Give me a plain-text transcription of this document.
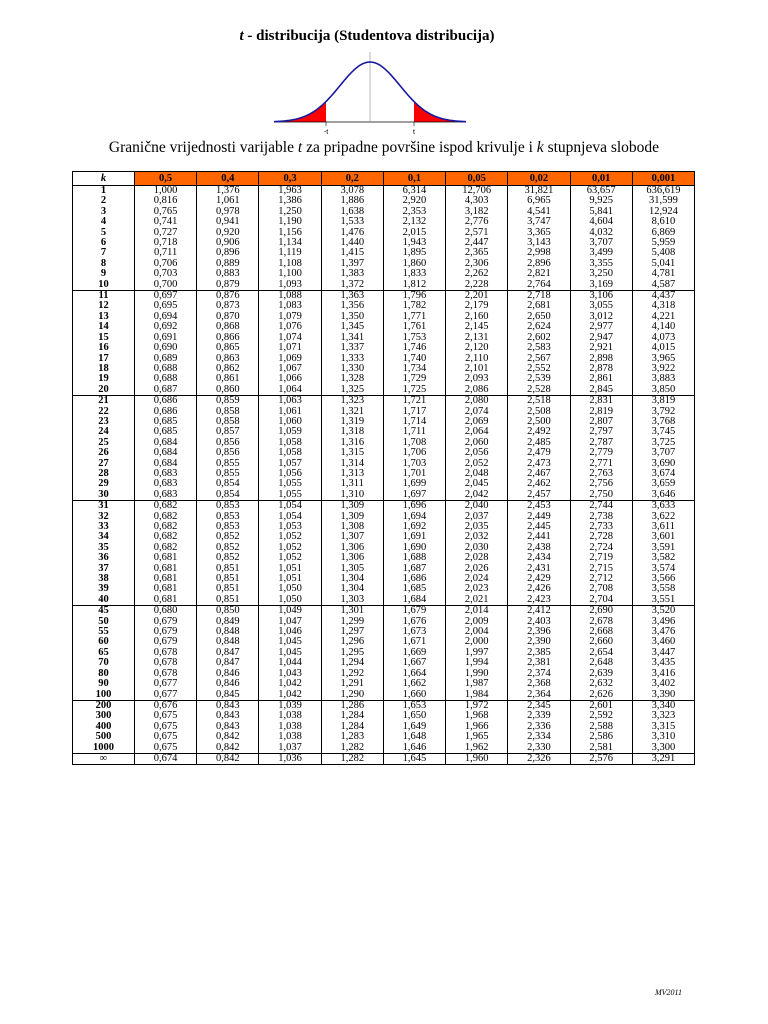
t - distribucija (Studentova distribucija)
-t	t
Granične vrijednosti varijable t za pripadne površine ispod krivulje i k stupnjeva slobode
k	0,5	0,4	0,3	0,2	0,1	0,05	0,02	0,01	0,001
1	1,000	1,376	1,963	3,078	6,314	12,706	31,821	63,657	636,619
2	0,816	1,061	1,386	1,886	2,920	4,303	6,965	9,925	31,599
3	0,765	0,978	1,250	1,638	2,353	3,182	4,541	5,841	12,924
4	0,741	0,941	1,190	1,533	2,132	2,776	3,747	4,604	8,610
5	0,727	0,920	1,156	1,476	2,015	2,571	3,365	4,032	6,869
6	0,718	0,906	1,134	1,440	1,943	2,447	3,143	3,707	5,959
7	0,711	0,896	1,119	1,415	1,895	2,365	2,998	3,499	5,408
8	0,706	0,889	1,108	1,397	1,860	2,306	2,896	3,355	5,041
9	0,703	0,883	1,100	1,383	1,833	2,262	2,821	3,250	4,781
10	0,700	0,879	1,093	1,372	1,812	2,228	2,764	3,169	4,587
11	0,697	0,876	1,088	1,363	1,796	2,201	2,718	3,106	4,437
12	0,695	0,873	1,083	1,356	1,782	2,179	2,681	3,055	4,318
13	0,694	0,870	1,079	1,350	1,771	2,160	2,650	3,012	4,221
14	0,692	0,868	1,076	1,345	1,761	2,145	2,624	2,977	4,140
15	0,691	0,866	1,074	1,341	1,753	2,131	2,602	2,947	4,073
16	0,690	0,865	1,071	1,337	1,746	2,120	2,583	2,921	4,015
17	0,689	0,863	1,069	1,333	1,740	2,110	2,567	2,898	3,965
18	0,688	0,862	1,067	1,330	1,734	2,101	2,552	2,878	3,922
19	0,688	0,861	1,066	1,328	1,729	2,093	2,539	2,861	3,883
20	0,687	0,860	1,064	1,325	1,725	2,086	2,528	2,845	3,850
21	0,686	0,859	1,063	1,323	1,721	2,080	2,518	2,831	3,819
22	0,686	0,858	1,061	1,321	1,717	2,074	2,508	2,819	3,792
23	0,685	0,858	1,060	1,319	1,714	2,069	2,500	2,807	3,768
24	0,685	0,857	1,059	1,318	1,711	2,064	2,492	2,797	3,745
25	0,684	0,856	1,058	1,316	1,708	2,060	2,485	2,787	3,725
26	0,684	0,856	1,058	1,315	1,706	2,056	2,479	2,779	3,707
27	0,684	0,855	1,057	1,314	1,703	2,052	2,473	2,771	3,690
28	0,683	0,855	1,056	1,313	1,701	2,048	2,467	2,763	3,674
29	0,683	0,854	1,055	1,311	1,699	2,045	2,462	2,756	3,659
30	0,683	0,854	1,055	1,310	1,697	2,042	2,457	2,750	3,646
31	0,682	0,853	1,054	1,309	1,696	2,040	2,453	2,744	3,633
32	0,682	0,853	1,054	1,309	1,694	2,037	2,449	2,738	3,622
33	0,682	0,853	1,053	1,308	1,692	2,035	2,445	2,733	3,611
34	0,682	0,852	1,052	1,307	1,691	2,032	2,441	2,728	3,601
35	0,682	0,852	1,052	1,306	1,690	2,030	2,438	2,724	3,591
36	0,681	0,852	1,052	1,306	1,688	2,028	2,434	2,719	3,582
37	0,681	0,851	1,051	1,305	1,687	2,026	2,431	2,715	3,574
38	0,681	0,851	1,051	1,304	1,686	2,024	2,429	2,712	3,566
39	0,681	0,851	1,050	1,304	1,685	2,023	2,426	2,708	3,558
40	0,681	0,851	1,050	1,303	1,684	2,021	2,423	2,704	3,551
45	0,680	0,850	1,049	1,301	1,679	2,014	2,412	2,690	3,520
50	0,679	0,849	1,047	1,299	1,676	2,009	2,403	2,678	3,496
55	0,679	0,848	1,046	1,297	1,673	2,004	2,396	2,668	3,476
60	0,679	0,848	1,045	1,296	1,671	2,000	2,390	2,660	3,460
65	0,678	0,847	1,045	1,295	1,669	1,997	2,385	2,654	3,447
70	0,678	0,847	1,044	1,294	1,667	1,994	2,381	2,648	3,435
80	0,678	0,846	1,043	1,292	1,664	1,990	2,374	2,639	3,416
90	0,677	0,846	1,042	1,291	1,662	1,987	2,368	2,632	3,402
100	0,677	0,845	1,042	1,290	1,660	1,984	2,364	2,626	3,390
200	0,676	0,843	1,039	1,286	1,653	1,972	2,345	2,601	3,340
300	0,675	0,843	1,038	1,284	1,650	1,968	2,339	2,592	3,323
400	0,675	0,843	1,038	1,284	1,649	1,966	2,336	2,588	3,315
500	0,675	0,842	1,038	1,283	1,648	1,965	2,334	2,586	3,310
1000	0,675	0,842	1,037	1,282	1,646	1,962	2,330	2,581	3,300
∞	0,674	0,842	1,036	1,282	1,645	1,960	2,326	2,576	3,291
MV2011
